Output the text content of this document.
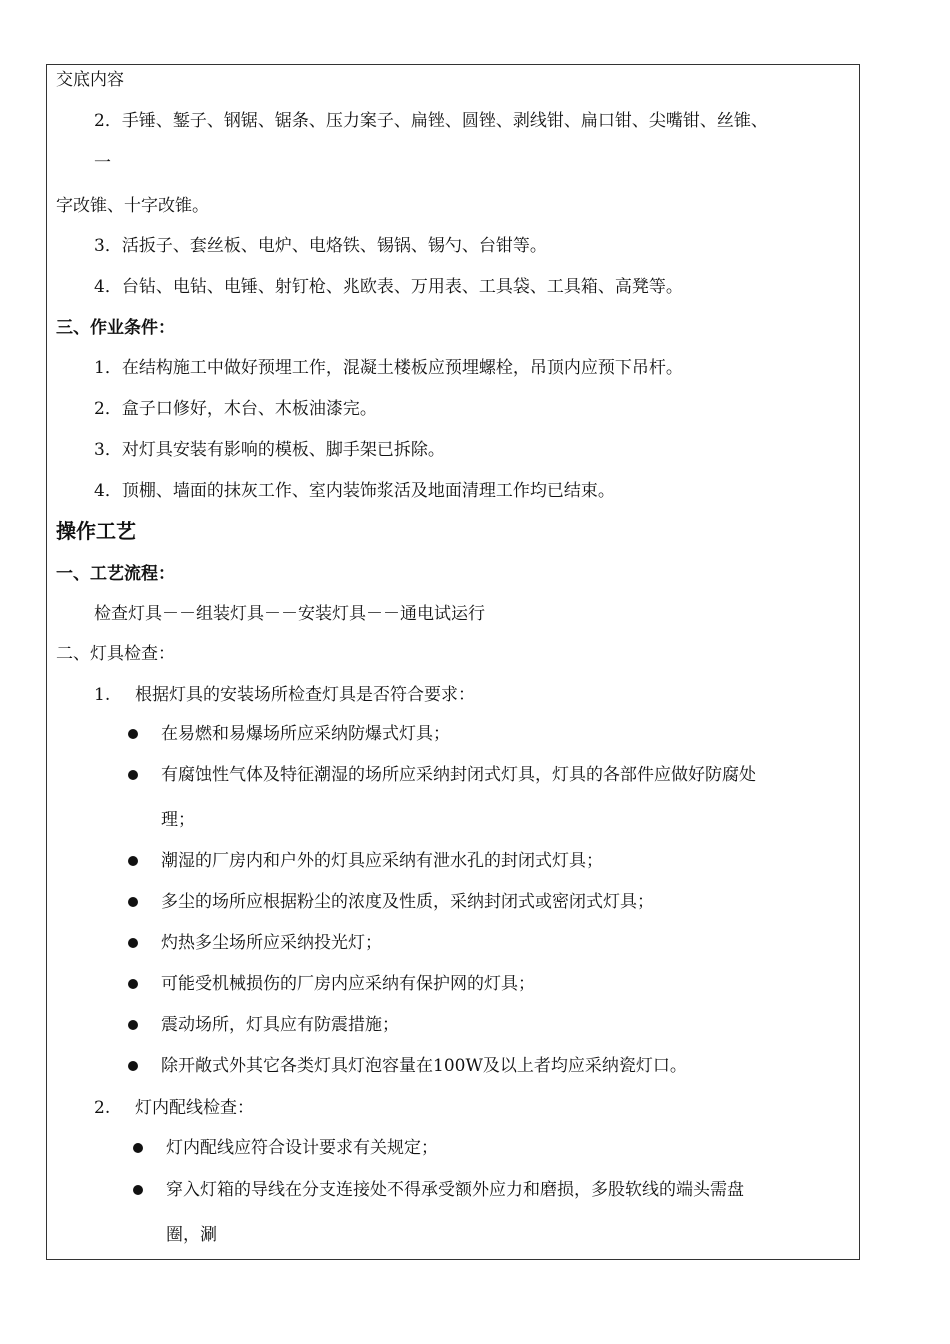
交底内容
2．手锤、錾子、钢锯、锯条、压力案子、扁锉、圆锉、剥线钳、扁口钳、尖嘴钳、丝锥、
一
字改锥、十字改锥。
3．活扳子、套丝板、电炉、电烙铁、锡锅、锡勺、台钳等。
4．台钻、电钻、电锤、射钉枪、兆欧表、万用表、工具袋、工具箱、高凳等。
三、作业条件：
1．在结构施工中做好预埋工作，混凝土楼板应预埋螺栓，吊顶内应预下吊杆。
2．盒子口修好，木台、木板油漆完。
3．对灯具安装有影响的模板、脚手架已拆除。
4．顶棚、墙面的抹灰工作、室内装饰浆活及地面清理工作均已结束。
操作工艺
一、工艺流程：
检查灯具－－组装灯具－－安装灯具－－通电试运行
二、灯具检查：
1. 根据灯具的安装场所检查灯具是否符合要求：
在易燃和易爆场所应采纳防爆式灯具；
有腐蚀性气体及特征潮湿的场所应采纳封闭式灯具，灯具的各部件应做好防腐处
理；
潮湿的厂房内和户外的灯具应采纳有泄水孔的封闭式灯具；
多尘的场所应根据粉尘的浓度及性质，采纳封闭式或密闭式灯具；
灼热多尘场所应采纳投光灯；
可能受机械损伤的厂房内应采纳有保护网的灯具；
震动场所，灯具应有防震措施；
除开敞式外其它各类灯具灯泡容量在100W及以上者均应采纳瓷灯口。
2. 灯内配线检查：
灯内配线应符合设计要求有关规定；
穿入灯箱的导线在分支连接处不得承受额外应力和磨损，多股软线的端头需盘
圈，涮
